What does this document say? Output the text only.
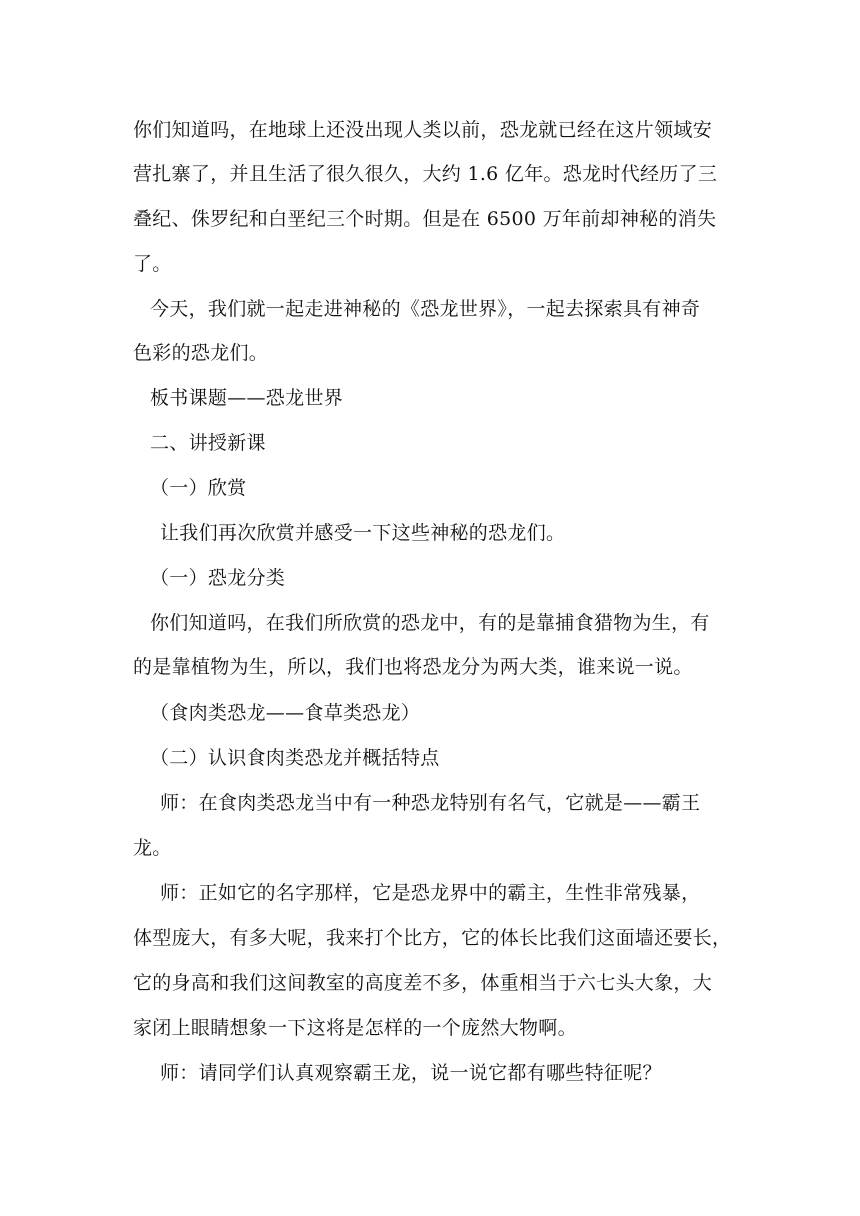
你们知道吗，在地球上还没出现人类以前，恐龙就已经在这片领域安
营扎寨了，并且生活了很久很久，大约 1.6 亿年。恐龙时代经历了三
叠纪、侏罗纪和白垩纪三个时期。但是在 6500 万年前却神秘的消失
了。
今天，我们就一起走进神秘的《恐龙世界》，一起去探索具有神奇
色彩的恐龙们。
板书课题——恐龙世界
二、讲授新课
（一）欣赏
让我们再次欣赏并感受一下这些神秘的恐龙们。
（一）恐龙分类
你们知道吗，在我们所欣赏的恐龙中，有的是靠捕食猎物为生，有
的是靠植物为生，所以，我们也将恐龙分为两大类，谁来说一说。
（食肉类恐龙——食草类恐龙）
（二）认识食肉类恐龙并概括特点
师：在食肉类恐龙当中有一种恐龙特别有名气，它就是——霸王
龙。
师：正如它的名字那样，它是恐龙界中的霸主，生性非常残暴，
体型庞大，有多大呢，我来打个比方，它的体长比我们这面墙还要长，
它的身高和我们这间教室的高度差不多，体重相当于六七头大象，大
家闭上眼睛想象一下这将是怎样的一个庞然大物啊。
师：请同学们认真观察霸王龙，说一说它都有哪些特征呢？
